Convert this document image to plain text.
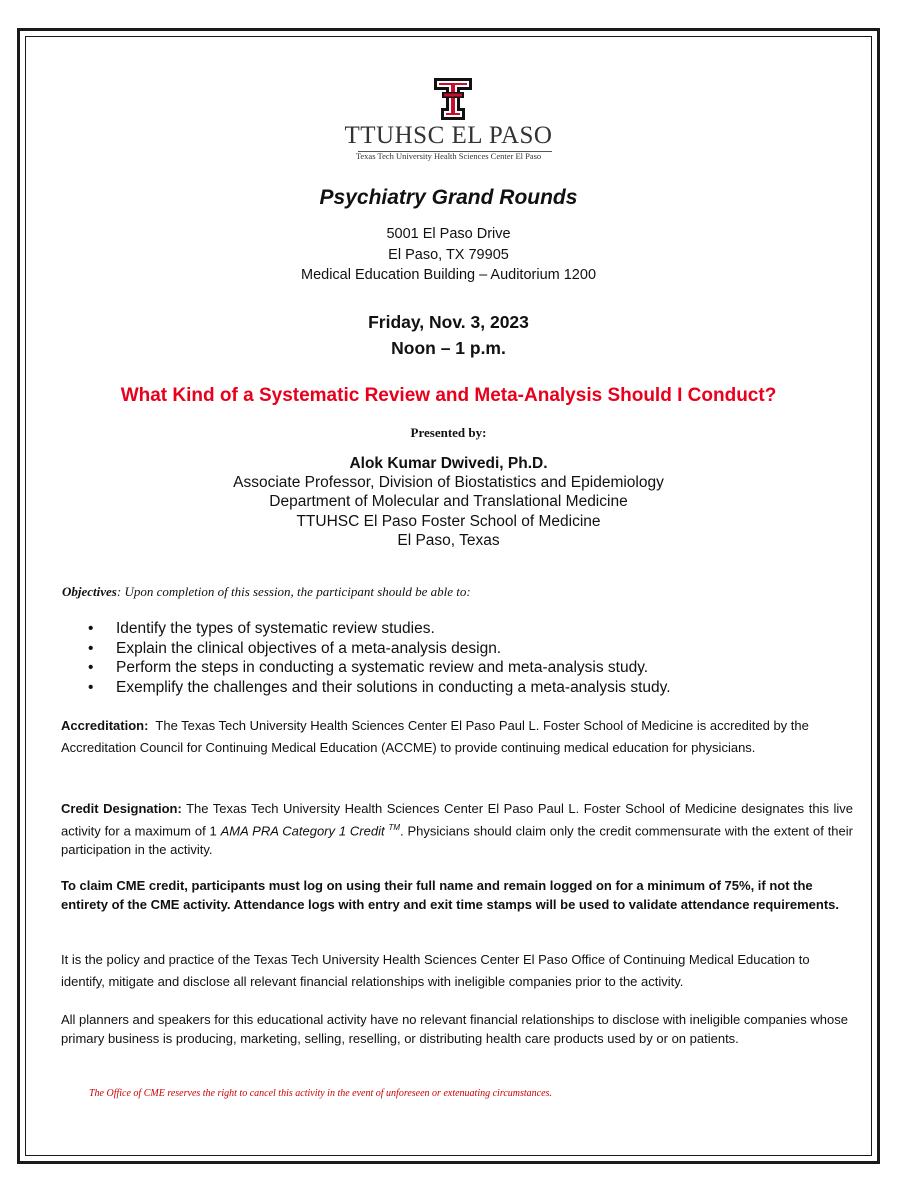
TTUHSC EL PASO
Texas Tech University Health Sciences Center El Paso
Psychiatry Grand Rounds
5001 El Paso Drive
El Paso, TX 79905
Medical Education Building – Auditorium 1200
Friday, Nov. 3, 2023
Noon – 1 p.m.
What Kind of a Systematic Review and Meta-Analysis Should I Conduct?
Presented by:
Alok Kumar Dwivedi, Ph.D.
Associate Professor, Division of Biostatistics and Epidemiology
Department of Molecular and Translational Medicine
TTUHSC El Paso Foster School of Medicine
El Paso, Texas
Objectives: Upon completion of this session, the participant should be able to:
• Identify the types of systematic review studies.
• Explain the clinical objectives of a meta-analysis design.
• Perform the steps in conducting a systematic review and meta-analysis study.
• Exemplify the challenges and their solutions in conducting a meta-analysis study.
Accreditation: The Texas Tech University Health Sciences Center El Paso Paul L. Foster School of Medicine is accredited by the Accreditation Council for Continuing Medical Education (ACCME) to provide continuing medical education for physicians.
Credit Designation: The Texas Tech University Health Sciences Center El Paso Paul L. Foster School of Medicine designates this live activity for a maximum of 1 AMA PRA Category 1 Credit ™. Physicians should claim only the credit commensurate with the extent of their participation in the activity.
To claim CME credit, participants must log on using their full name and remain logged on for a minimum of 75%, if not the entirety of the CME activity. Attendance logs with entry and exit time stamps will be used to validate attendance requirements.
It is the policy and practice of the Texas Tech University Health Sciences Center El Paso Office of Continuing Medical Education to identify, mitigate and disclose all relevant financial relationships with ineligible companies prior to the activity.
All planners and speakers for this educational activity have no relevant financial relationships to disclose with ineligible companies whose primary business is producing, marketing, selling, reselling, or distributing health care products used by or on patients.
The Office of CME reserves the right to cancel this activity in the event of unforeseen or extenuating circumstances.
